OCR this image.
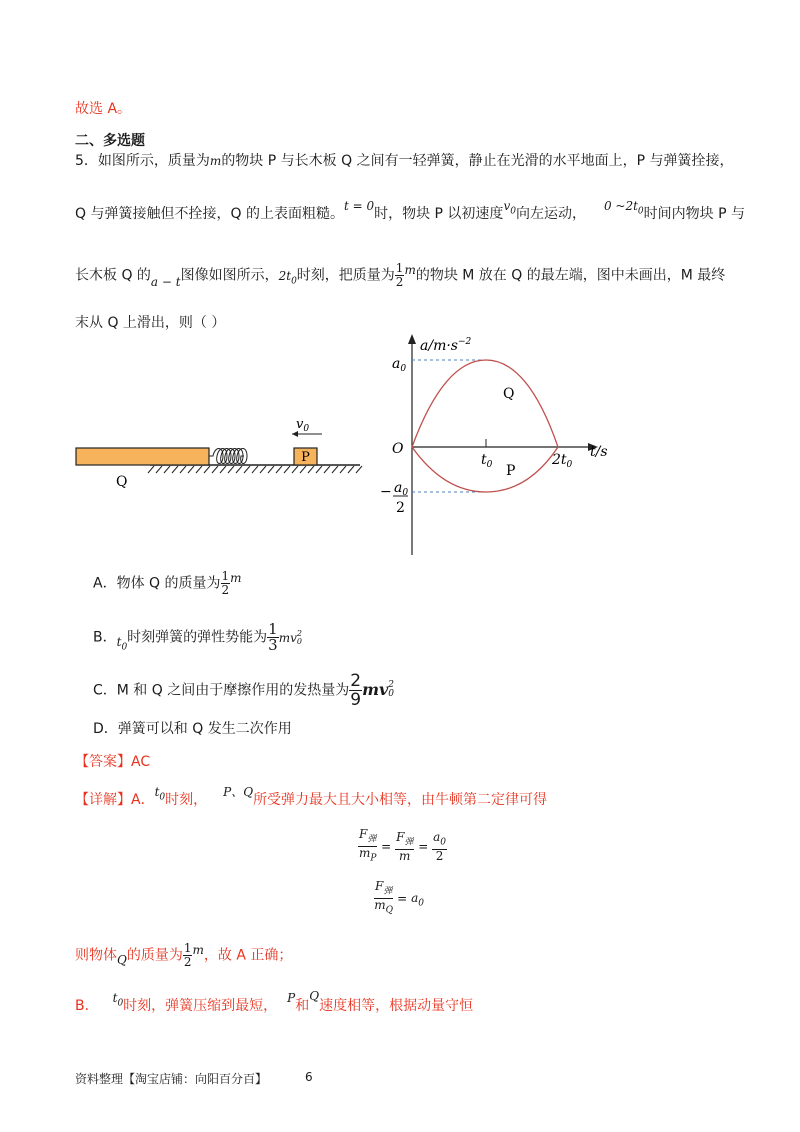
故选 A。
二、多选题
5．如图所示，质量为m的物块 P 与长木板 Q 之间有一轻弹簧，静止在光滑的水平地面上，P 与弹簧拴接，
Q 与弹簧接触但不拴接，Q 的上表面粗糙。t = 0时，物块 P 以初速度$v_0$向左运动， 0 $\sim 2t_0$时间内物块 P 与
长木板 Q 的a − t图像如图所示，$2t_0$时刻，把质量为 $\frac{1}{2}$ m的物块 M 放在 Q 的最左端，图中未画出，M 最终
末从 Q 上滑出，则（ ）
P
$v_0$
Q
$a/m\cdot s^{-2}$
$a_0$
O
Q
P
$t_0$	$2t_0$
t/s
− $a_0$
2
A．物体 Q 的质量为 $\frac{1}{2}$ m
B．$t_0$时刻弹簧的弹性势能为 $\frac{1}{3}$ mv 2
0
C．M 和 Q 之间由于摩擦作用的发热量为 $\frac{2}{9}$ mv 2
0
D．弹簧可以和 Q 发生二次作用
【答案】AC
【详解】A．$t_0$时刻， P、Q所受弹力最大且大小相等，由牛顿第二定律可得
$\frac{F_弹}{m_P} = \frac{F_弹}{m} = \frac{a_0}{2}$
$\frac{F_弹}{m_Q} = a_0$
则物体Q的质量为 $\frac{1}{2}$ m，故 A 正确；
B． $t_0$时刻，弹簧压缩到最短， P和Q速度相等，根据动量守恒
资料整理【淘宝店铺：向阳百分百】	6
